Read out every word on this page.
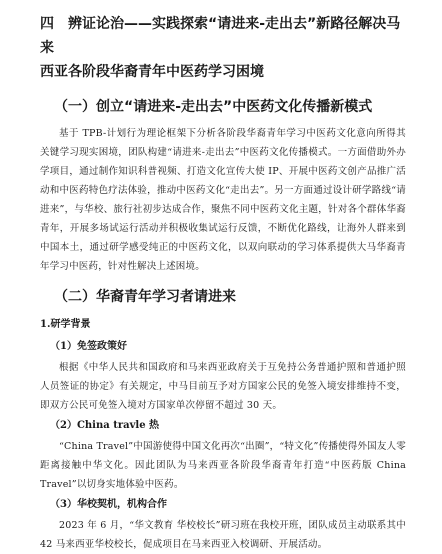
四 辨证论治——实践探索“请进来-走出去”新路径解决马来
西亚各阶段华裔青年中医药学习困境
（一）创立“请进来-走出去”中医药文化传播新模式

基于 TPB-计划行为理论框架下分析各阶段华裔青年学习中医药文化意向所得其关键学习现实困境，团队构建“请进来-走出去”中医药文化传播模式。一方面借助外办学项目，通过制作知识科普视频、打造文化宣传大使 IP、开展中医药文创产品推广活动和中医药特色疗法体验，推动中医药文化“走出去”。另一方面通过设计研学路线“请进来”，与华校、旅行社初步达成合作，聚焦不同中医药文化主题，针对各个群体华裔青年，开展多场试运行活动并积极收集试运行反馈，不断优化路线，让海外人群来到中国本土，通过研学感受纯正的中医药文化，以双向联动的学习体系提供大马华裔青年学习中医药，针对性解决上述困境。

（二）华裔青年学习者请进来
1.研学背景
（1）免签政策好

根据《中华人民共和国政府和马来西亚政府关于互免持公务普通护照和普通护照人员签证的协定》有关规定，中马目前互予对方国家公民的免签入境安排维持不变，即双方公民可免签入境对方国家单次停留不超过 30 天。

（2）China travle 热

“China Travel”中国游使得中国文化再次“出圈”，“特文化”传播使得外国友人零距离接触中华文化。因此团队为马来西亚各阶段华裔青年打造“中医药版 China Travel”以切身实地体验中医药。

（3）华校契机，机构合作

2023 年 6 月，“华文教育 华校校长”研习班在我校开班，团队成员主动联系其中 42 马来西亚华校校长，促成项目在马来西亚入校调研、开展活动。
